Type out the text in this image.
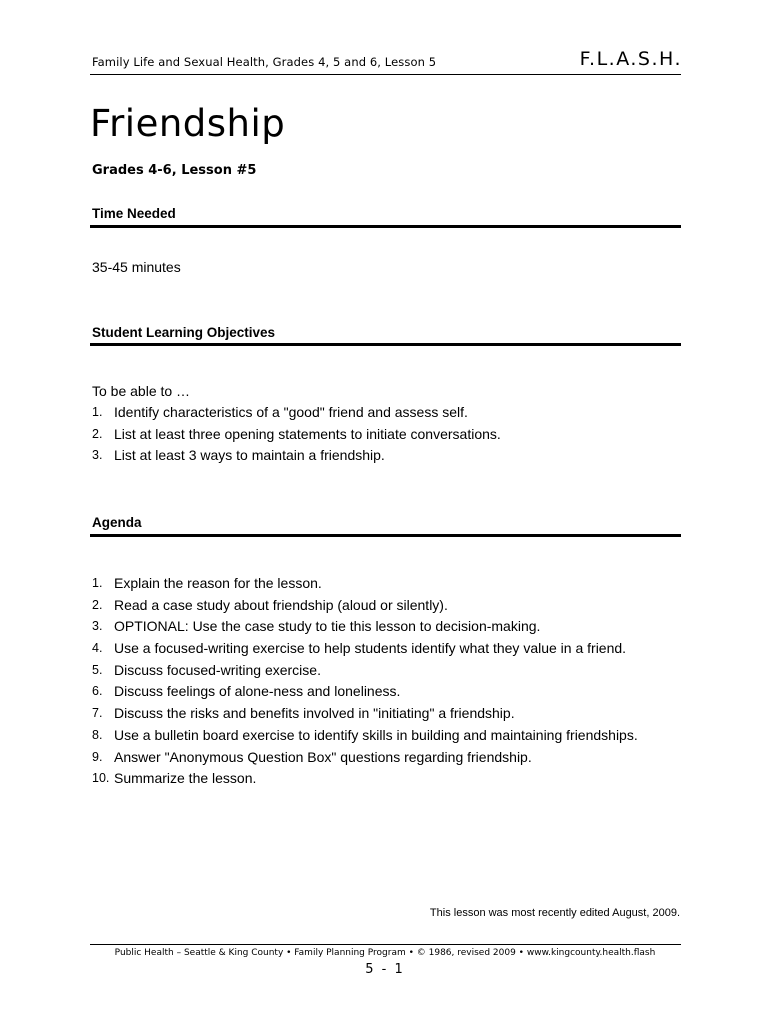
Family Life and Sexual Health, Grades 4, 5 and 6, Lesson 5	F.L.A.S.H.
Friendship
Grades 4-6, Lesson #5
Time Needed
35-45 minutes
Student Learning Objectives
To be able to …
1. Identify characteristics of a "good" friend and assess self.
2. List at least three opening statements to initiate conversations.
3. List at least 3 ways to maintain a friendship.
Agenda
1. Explain the reason for the lesson.
2. Read a case study about friendship (aloud or silently).
3. OPTIONAL: Use the case study to tie this lesson to decision-making.
4. Use a focused-writing exercise to help students identify what they value in a friend.
5. Discuss focused-writing exercise.
6. Discuss feelings of alone-ness and loneliness.
7. Discuss the risks and benefits involved in "initiating" a friendship.
8. Use a bulletin board exercise to identify skills in building and maintaining friendships.
9. Answer "Anonymous Question Box" questions regarding friendship.
10. Summarize the lesson.
This lesson was most recently edited August, 2009.
Public Health – Seattle & King County • Family Planning Program • © 1986, revised 2009 • www.kingcounty.health.flash
5 - 1
